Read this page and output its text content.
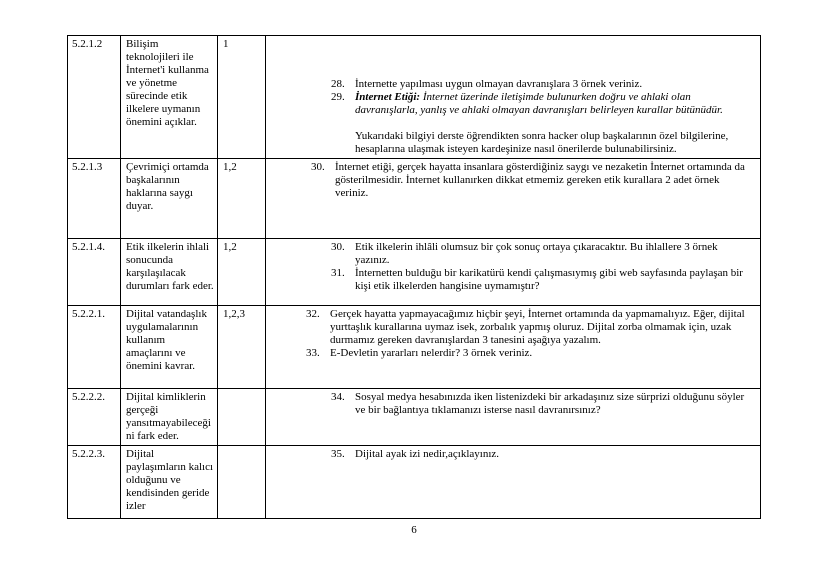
5.2.1.2	Bilişim teknolojileri ile İnternet'i kullanma ve yönetme sürecinde etik ilkelere uymanın önemini açıklar.	1	28. İnternette yapılması uygun olmayan davranışlara 3 örnek veriniz.
29. İnternet Etiği: İnternet üzerinde iletişimde bulunurken doğru ve ahlaki olan davranışlarla, yanlış ve ahlaki olmayan davranışları belirleyen kurallar bütünüdür.
Yukarıdaki bilgiyi derste öğrendikten sonra hacker olup başkalarının özel bilgilerine, hesaplarına ulaşmak isteyen kardeşinize nasıl önerilerde bulunabilirsiniz.

5.2.1.3	Çevrimiçi ortamda başkalarının haklarına saygı duyar.	1,2	30. İnternet etiği, gerçek hayatta insanlara gösterdiğiniz saygı ve nezaketin İnternet ortamında da gösterilmesidir. İnternet kullanırken dikkat etmemiz gereken etik kurallara 2 adet örnek veriniz.

5.2.1.4.	Etik ilkelerin ihlali sonucunda karşılaşılacak durumları fark eder.	1,2	30. Etik ilkelerin ihlâli olumsuz bir çok sonuç ortaya çıkaracaktır. Bu ihlallere 3 örnek yazınız.
31. İnternetten bulduğu bir karikatürü kendi çalışmasıymış gibi web sayfasında paylaşan bir kişi etik ilkelerden hangisine uymamıştır?

5.2.2.1.	Dijital vatandaşlık uygulamalarının kullanım amaçlarını ve önemini kavrar.	1,2,3	32. Gerçek hayatta yapmayacağımız hiçbir şeyi, İnternet ortamında da yapmamalıyız. Eğer, dijital yurttaşlık kurallarına uymaz isek, zorbalık yapmış oluruz. Dijital zorba olmamak için, uzak durmamız gereken davranışlardan 3 tanesini aşağıya yazalım.
33. E-Devletin yararları nelerdir? 3 örnek veriniz.

5.2.2.2.	Dijital kimliklerin gerçeği yansıtmayabileceğini fark eder.		34. Sosyal medya hesabınızda iken listenizdeki bir arkadaşınız size sürprizi olduğunu söyler ve bir bağlantıya tıklamanızı isterse nasıl davranırsınız?

5.2.2.3.	Dijital paylaşımların kalıcı olduğunu ve kendisinden geride izler		35. Dijital ayak izi nedir,açıklayınız.
6
